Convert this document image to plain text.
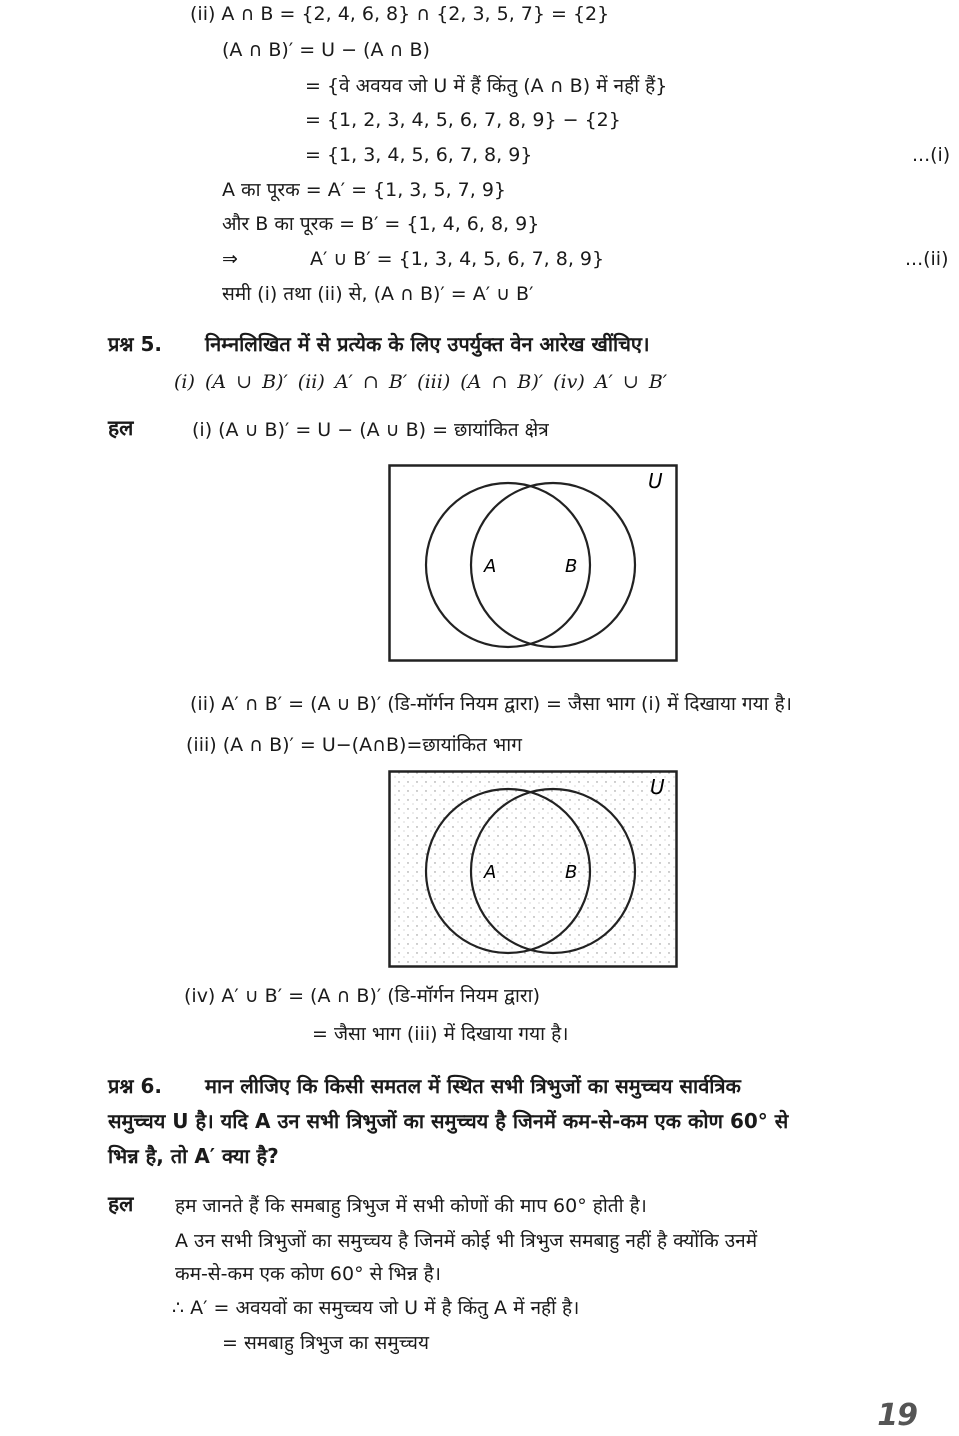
(ii) A ∩ B = {2, 4, 6, 8} ∩ {2, 3, 5, 7} = {2}
(A ∩ B)′ = U − (A ∩ B)
= {वे अवयव जो U में हैं किंतु (A ∩ B) में नहीं हैं}
= {1, 2, 3, 4, 5, 6, 7, 8, 9} − {2}
= {1, 3, 4, 5, 6, 7, 8, 9}	...(i)
A का पूरक = A′ = {1, 3, 5, 7, 9}
और B का पूरक = B′ = {1, 4, 6, 8, 9}
⇒	A′ ∪ B′ = {1, 3, 4, 5, 6, 7, 8, 9}	...(ii)
समी (i) तथा (ii) से, (A ∩ B)′ = A′ ∪ B′
प्रश्न 5. निम्नलिखित में से प्रत्येक के लिए उपर्युक्त वेन आरेख खींचिए।
(i) (A ∪ B)′ (ii) A′ ∩ B′ (iii) (A ∩ B)′ (iv) A′ ∪ B′
हल	(i) (A ∪ B)′ = U − (A ∪ B) = छायांकित क्षेत्र
U
A	B
(ii) A′ ∩ B′ = (A ∪ B)′ (डि-मॉर्गन नियम द्वारा) = जैसा भाग (i) में दिखाया गया है।
(iii) (A ∩ B)′ = U−(A∩B)=छायांकित भाग
U
A	B
(iv) A′ ∪ B′ = (A ∩ B)′ (डि-मॉर्गन नियम द्वारा)
= जैसा भाग (iii) में दिखाया गया है।
प्रश्न 6. मान लीजिए कि किसी समतल में स्थित सभी त्रिभुजों का समुच्चय सार्वत्रिक
समुच्चय U है। यदि A उन सभी त्रिभुजों का समुच्चय है जिनमें कम-से-कम एक कोण 60° से
भिन्न है, तो A′ क्या है?
हल हम जानते हैं कि समबाहु त्रिभुज में सभी कोणों की माप 60° होती है।
A उन सभी त्रिभुजों का समुच्चय है जिनमें कोई भी त्रिभुज समबाहु नहीं है क्योंकि उनमें
कम-से-कम एक कोण 60° से भिन्न है।
∴ A′ = अवयवों का समुच्चय जो U में है किंतु A में नहीं है।
= समबाहु त्रिभुज का समुच्चय
19
